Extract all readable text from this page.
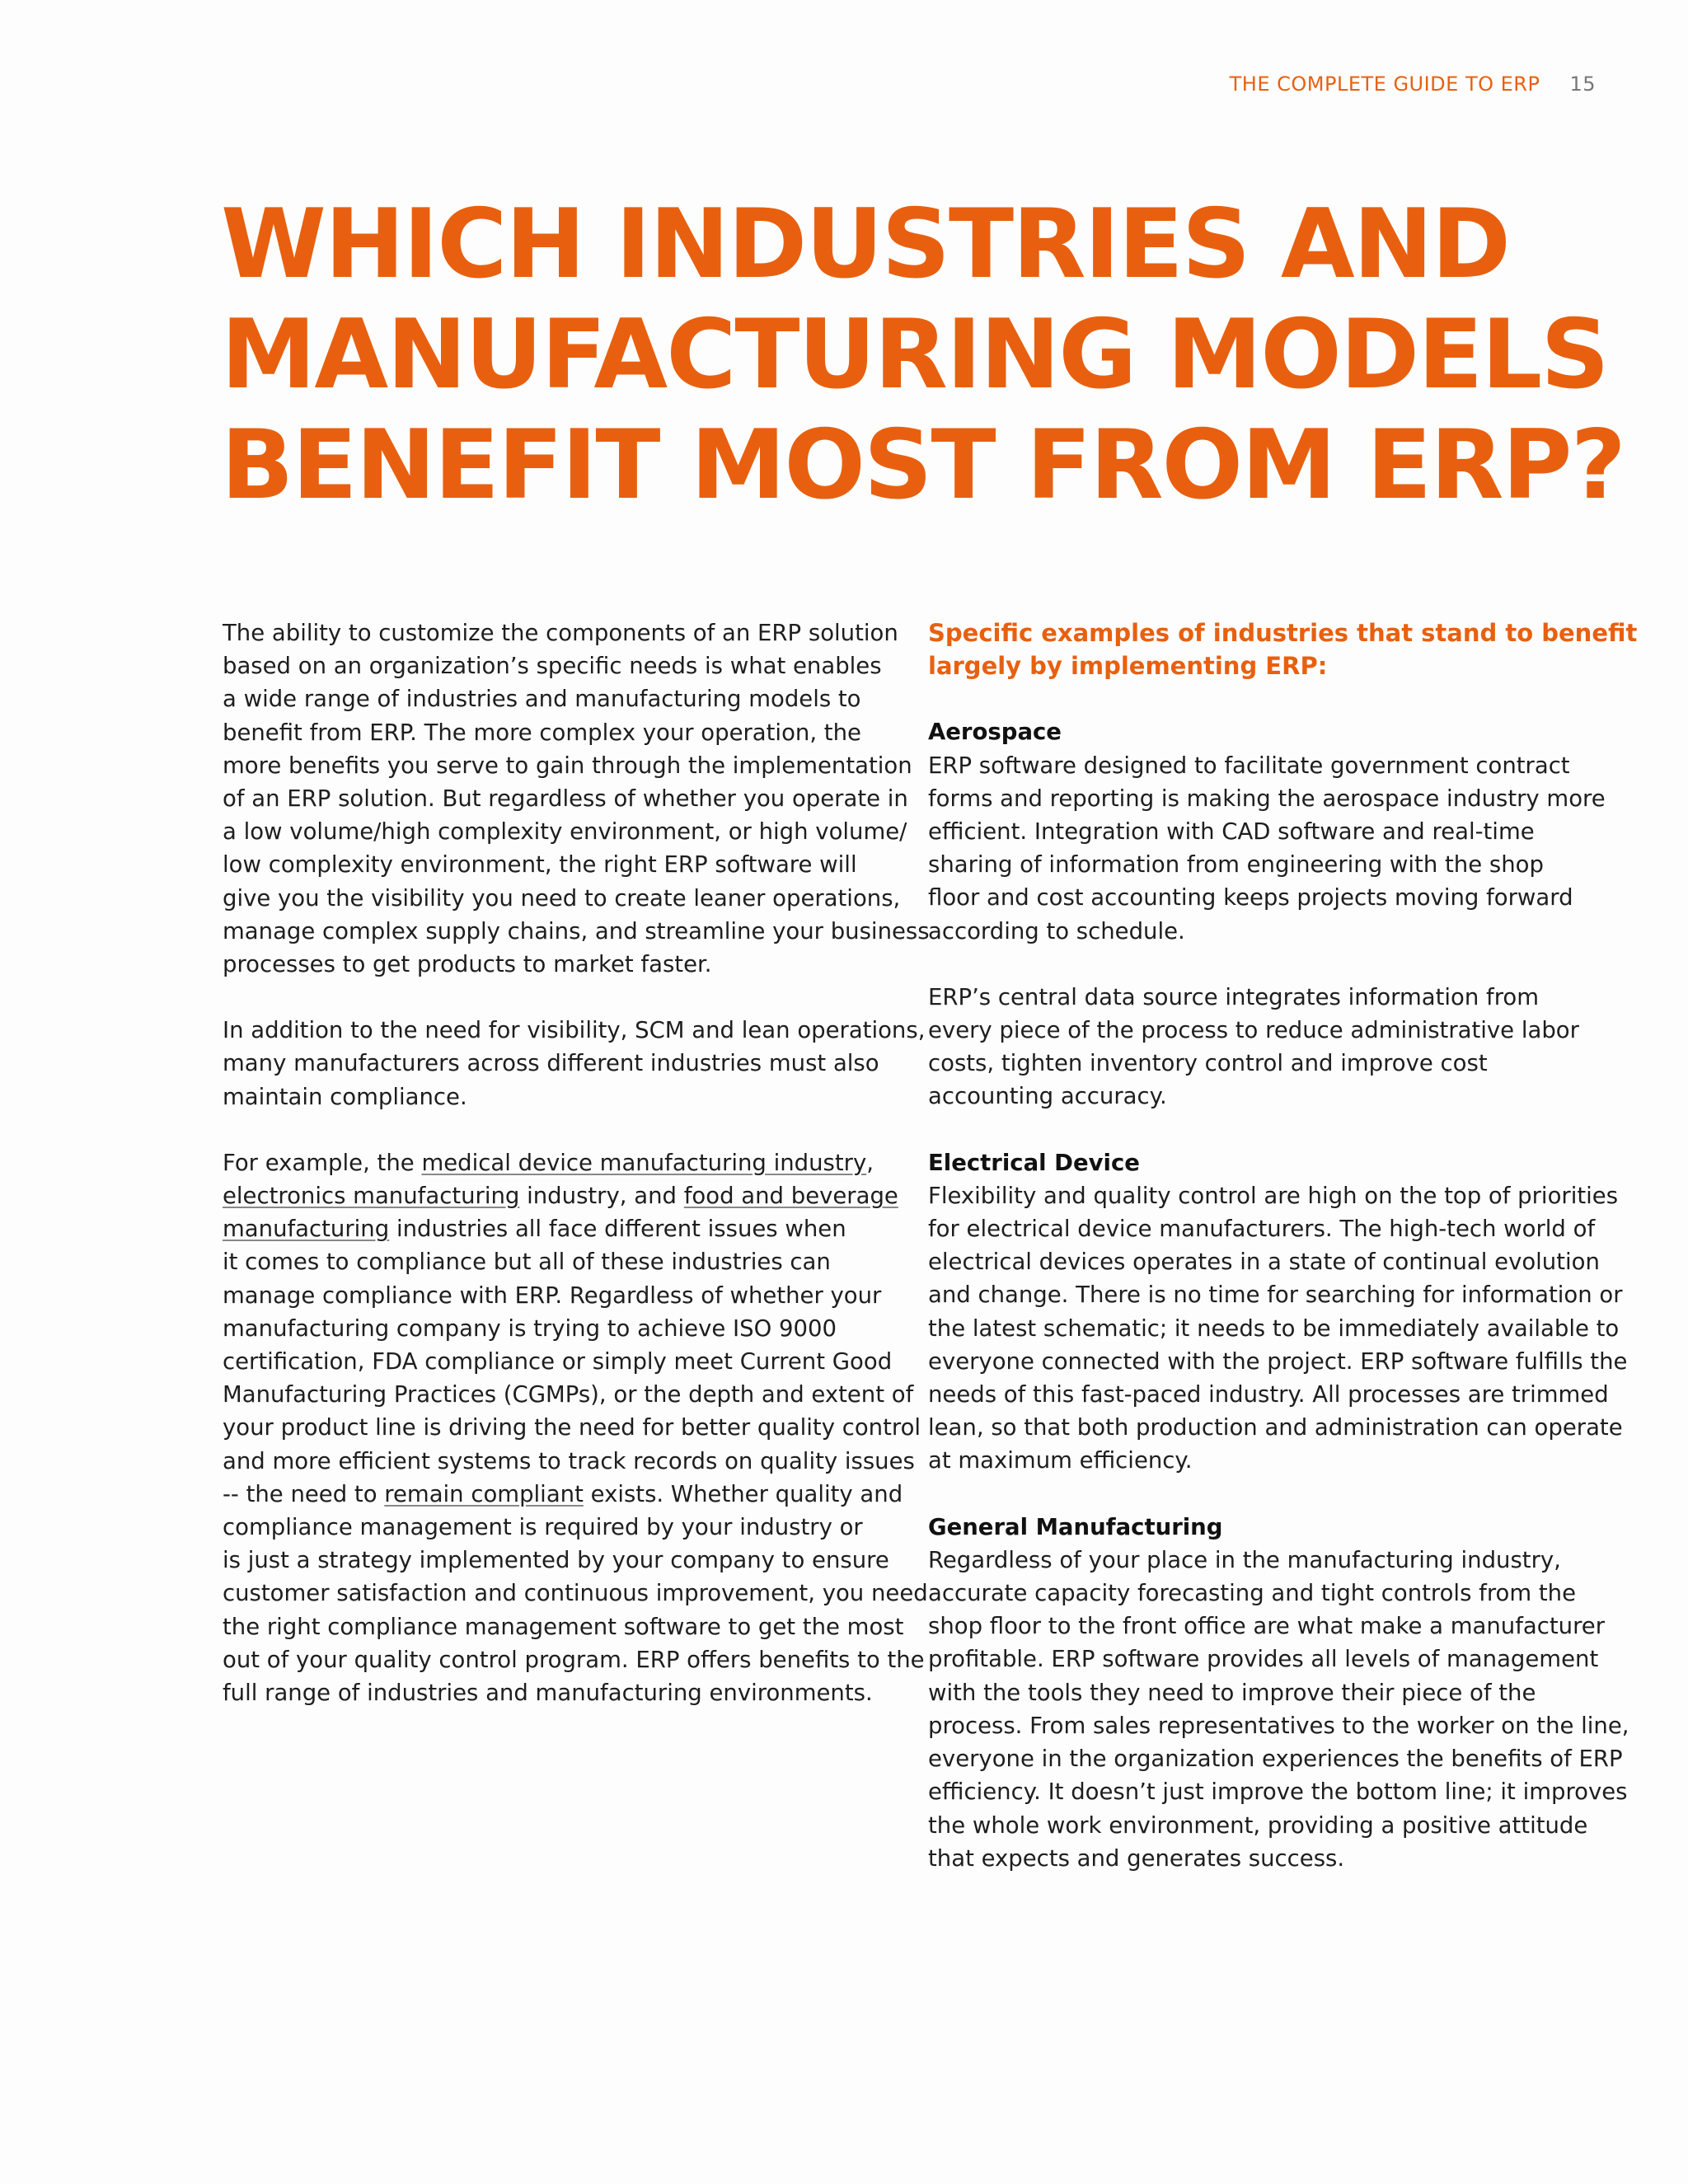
THE COMPLETE GUIDE TO ERP 15
WHICH INDUSTRIES AND
MANUFACTURING MODELS
BENEFIT MOST FROM ERP?

The ability to customize the components of an ERP solution
based on an organization’s specific needs is what enables
a wide range of industries and manufacturing models to
benefit from ERP. The more complex your operation, the
more benefits you serve to gain through the implementation
of an ERP solution. But regardless of whether you operate in
a low volume/high complexity environment, or high volume/
low complexity environment, the right ERP software will
give you the visibility you need to create leaner operations,
manage complex supply chains, and streamline your business
processes to get products to market faster.

In addition to the need for visibility, SCM and lean operations,
many manufacturers across different industries must also
maintain compliance.

For example, the medical device manufacturing industry,
electronics manufacturing industry, and food and beverage
manufacturing industries all face different issues when
it comes to compliance but all of these industries can
manage compliance with ERP. Regardless of whether your
manufacturing company is trying to achieve ISO 9000
certification, FDA compliance or simply meet Current Good
Manufacturing Practices (CGMPs), or the depth and extent of
your product line is driving the need for better quality control
and more efficient systems to track records on quality issues
-- the need to remain compliant exists. Whether quality and
compliance management is required by your industry or
is just a strategy implemented by your company to ensure
customer satisfaction and continuous improvement, you need
the right compliance management software to get the most
out of your quality control program. ERP offers benefits to the
full range of industries and manufacturing environments.

Specific examples of industries that stand to benefit
largely by implementing ERP:

Aerospace

ERP software designed to facilitate government contract
forms and reporting is making the aerospace industry more
efficient. Integration with CAD software and real-time
sharing of information from engineering with the shop
floor and cost accounting keeps projects moving forward
according to schedule.

ERP’s central data source integrates information from
every piece of the process to reduce administrative labor
costs, tighten inventory control and improve cost
accounting accuracy.

Electrical Device

Flexibility and quality control are high on the top of priorities
for electrical device manufacturers. The high-tech world of
electrical devices operates in a state of continual evolution
and change. There is no time for searching for information or
the latest schematic; it needs to be immediately available to
everyone connected with the project. ERP software fulfills the
needs of this fast-paced industry. All processes are trimmed
lean, so that both production and administration can operate
at maximum efficiency.

General Manufacturing

Regardless of your place in the manufacturing industry,
accurate capacity forecasting and tight controls from the
shop floor to the front office are what make a manufacturer
profitable. ERP software provides all levels of management
with the tools they need to improve their piece of the
process. From sales representatives to the worker on the line,
everyone in the organization experiences the benefits of ERP
efficiency. It doesn’t just improve the bottom line; it improves
the whole work environment, providing a positive attitude
that expects and generates success.
